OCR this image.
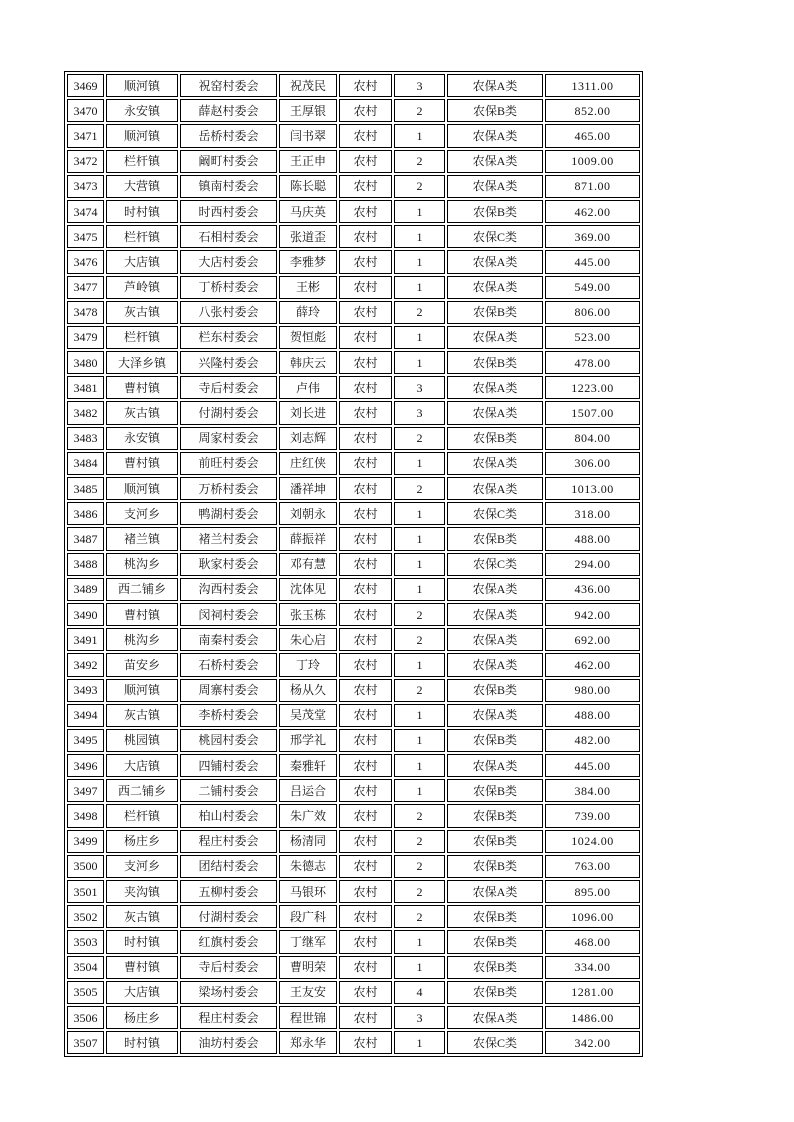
3469	顺河镇	祝窑村委会	祝茂民	农村	3	农保A类	1311.00
3470	永安镇	薛赵村委会	王厚银	农村	2	农保B类	852.00
3471	顺河镇	岳桥村委会	闫书翠	农村	1	农保A类	465.00
3472	栏杆镇	阚町村委会	王正申	农村	2	农保A类	1009.00
3473	大营镇	镇南村委会	陈长聪	农村	2	农保A类	871.00
3474	时村镇	时西村委会	马庆英	农村	1	农保B类	462.00
3475	栏杆镇	石相村委会	张道歪	农村	1	农保C类	369.00
3476	大店镇	大店村委会	李雅梦	农村	1	农保A类	445.00
3477	芦岭镇	丁桥村委会	王彬	农村	1	农保A类	549.00
3478	灰古镇	八张村委会	薛玲	农村	2	农保B类	806.00
3479	栏杆镇	栏东村委会	贺恒彪	农村	1	农保A类	523.00
3480	大泽乡镇	兴隆村委会	韩庆云	农村	1	农保B类	478.00
3481	曹村镇	寺后村委会	卢伟	农村	3	农保A类	1223.00
3482	灰古镇	付湖村委会	刘长进	农村	3	农保A类	1507.00
3483	永安镇	周家村委会	刘志辉	农村	2	农保B类	804.00
3484	曹村镇	前旺村委会	庄红侠	农村	1	农保A类	306.00
3485	顺河镇	万桥村委会	潘祥坤	农村	2	农保A类	1013.00
3486	支河乡	鸭湖村委会	刘朝永	农村	1	农保C类	318.00
3487	褚兰镇	褚兰村委会	薛振祥	农村	1	农保B类	488.00
3488	桃沟乡	耿家村委会	邓有慧	农村	1	农保C类	294.00
3489	西二铺乡	沟西村委会	沈体见	农村	1	农保A类	436.00
3490	曹村镇	闵祠村委会	张玉栋	农村	2	农保A类	942.00
3491	桃沟乡	南秦村委会	朱心启	农村	2	农保A类	692.00
3492	苗安乡	石桥村委会	丁玲	农村	1	农保A类	462.00
3493	顺河镇	周寨村委会	杨从久	农村	2	农保B类	980.00
3494	灰古镇	李桥村委会	吴茂堂	农村	1	农保A类	488.00
3495	桃园镇	桃园村委会	邢学礼	农村	1	农保B类	482.00
3496	大店镇	四铺村委会	秦雅轩	农村	1	农保A类	445.00
3497	西二铺乡	二铺村委会	吕运合	农村	1	农保B类	384.00
3498	栏杆镇	柏山村委会	朱广效	农村	2	农保B类	739.00
3499	杨庄乡	程庄村委会	杨清同	农村	2	农保B类	1024.00
3500	支河乡	团结村委会	朱德志	农村	2	农保B类	763.00
3501	夹沟镇	五柳村委会	马银环	农村	2	农保A类	895.00
3502	灰古镇	付湖村委会	段广科	农村	2	农保B类	1096.00
3503	时村镇	红旗村委会	丁继军	农村	1	农保B类	468.00
3504	曹村镇	寺后村委会	曹明荣	农村	1	农保B类	334.00
3505	大店镇	梁场村委会	王友安	农村	4	农保B类	1281.00
3506	杨庄乡	程庄村委会	程世锦	农村	3	农保A类	1486.00
3507	时村镇	油坊村委会	郑永华	农村	1	农保C类	342.00
